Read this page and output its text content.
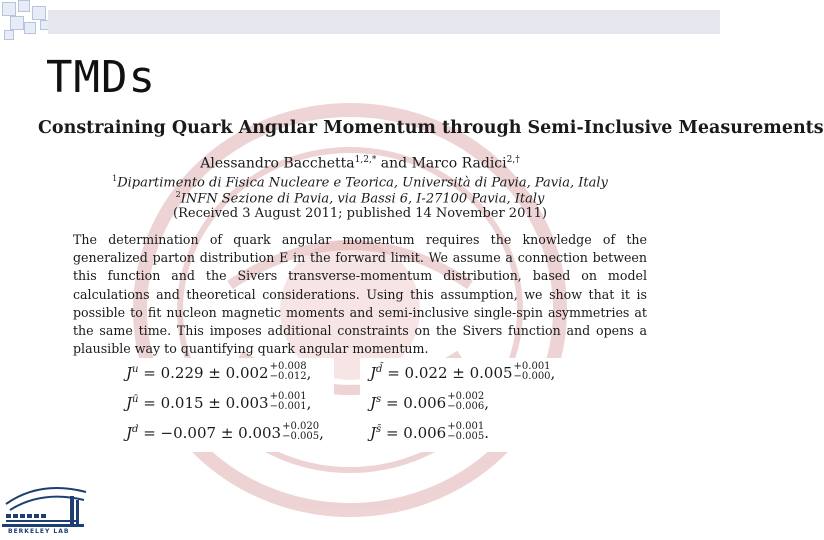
TMDs
Constraining Quark Angular Momentum through Semi-Inclusive Measurements
Alessandro Bacchetta$^{1,2,*}$ and Marco Radici$^{2,\dagger}$
$^1$Dipartimento di Fisica Nucleare e Teorica, Università di Pavia, Pavia, Italy
$^2$INFN Sezione di Pavia, via Bassi 6, I-27100 Pavia, Italy
(Received 3 August 2011; published 14 November 2011)
The determination of quark angular momentum requires the knowledge of the generalized parton distribution E in the forward limit. We assume a connection between this function and the Sivers transverse-momentum distribution, based on model calculations and theoretical considerations. Using this assumption, we show that it is possible to fit nucleon magnetic moments and semi-inclusive single-spin asymmetries at the same time. This imposes additional constraints on the Sivers function and opens a plausible way to quantifying quark angular momentum.
$J^u = 0.229 \pm 0.002 +0.008$
−0.012 ,
$J^ū = 0.015 \pm 0.003 +0.001$
−0.001 ,
$J^d = -0.007 \pm 0.003 +0.020$
−0.005 ,
$J^{d̄} = 0.022 \pm 0.005 +0.001$
−0.000 ,
$J^s = 0.006 +0.002$
−0.006 ,
$J^{s̄} = 0.006 +0.001$
−0.005 .
BERKELEY LAB
